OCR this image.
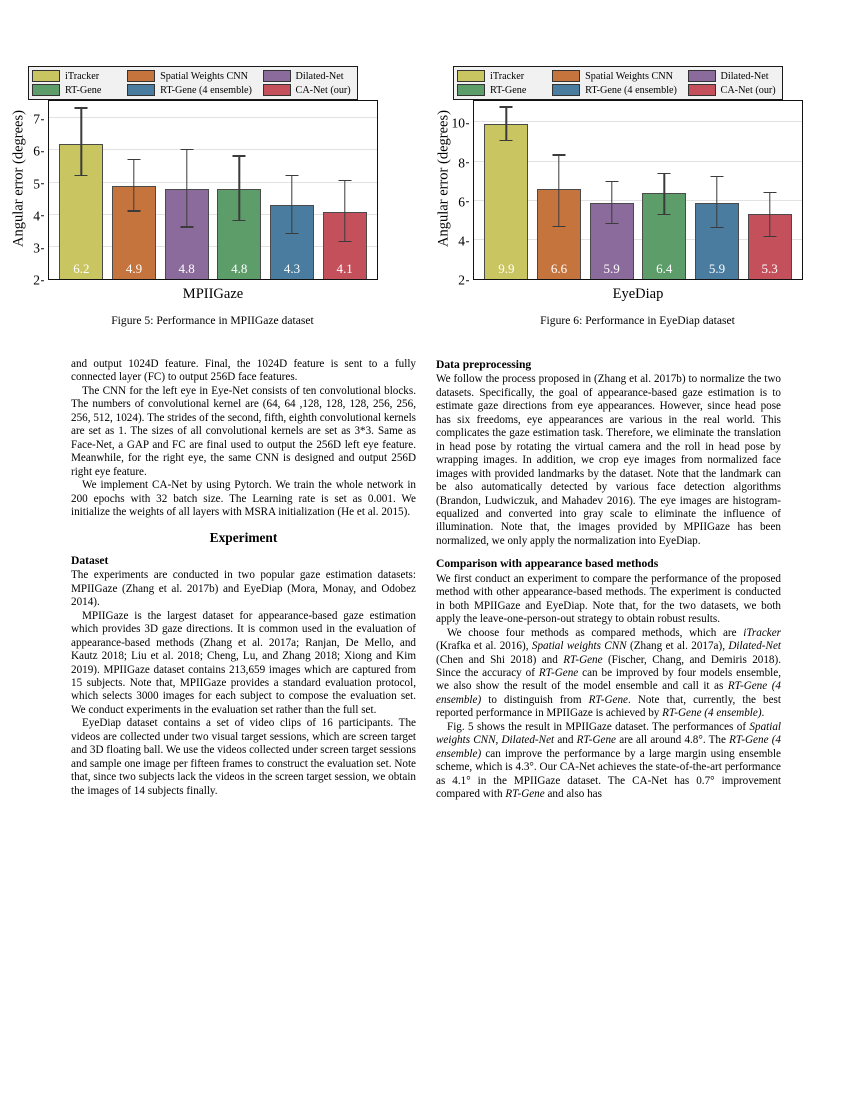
iTracker	Spatial Weights CNN	Dilated-Net
RT-Gene	RT-Gene (4 ensemble)	CA-Net (our)
Angular error (degrees)
2
3
4
5
6
7
6.2	4.9	4.8	4.8	4.3	4.1
MPIIGaze
Figure 5: Performance in MPIIGaze dataset
iTracker	Spatial Weights CNN	Dilated-Net
RT-Gene	RT-Gene (4 ensemble)	CA-Net (our)
Angular error (degrees)
2
4
6
8
10
9.9	6.6	5.9	6.4	5.9	5.3
EyeDiap
Figure 6: Performance in EyeDiap dataset

and output 1024D feature. Final, the 1024D feature is sent to a fully connected layer (FC) to output 256D face features.

The CNN for the left eye in Eye-Net consists of ten convolutional blocks. The numbers of convolutional kernel are (64, 64 ,128, 128, 128, 256, 256, 256, 512, 1024). The strides of the second, fifth, eighth convolutional kernels are set as 1. The sizes of all convolutional kernels are set as 3*3. Same as Face-Net, a GAP and FC are final used to output the 256D left eye feature. Meanwhile, for the right eye, the same CNN is designed and output 256D right eye feature.

We implement CA-Net by using Pytorch. We train the whole network in 200 epochs with 32 batch size. The Learning rate is set as 0.001. We initialize the weights of all layers with MSRA initialization (He et al. 2015).

Experiment
Dataset

The experiments are conducted in two popular gaze estimation datasets: MPIIGaze (Zhang et al. 2017b) and EyeDiap (Mora, Monay, and Odobez 2014).

MPIIGaze is the largest dataset for appearance-based gaze estimation which provides 3D gaze directions. It is common used in the evaluation of appearance-based methods (Zhang et al. 2017a; Ranjan, De Mello, and Kautz 2018; Liu et al. 2018; Cheng, Lu, and Zhang 2018; Xiong and Kim 2019). MPIIGaze dataset contains 213,659 images which are captured from 15 subjects. Note that, MPIIGaze provides a standard evaluation protocol, which selects 3000 images for each subject to compose the evaluation set. We conduct experiments in the evaluation set rather than the full set.

EyeDiap dataset contains a set of video clips of 16 participants. The videos are collected under two visual target sessions, which are screen target and 3D floating ball. We use the videos collected under screen target sessions and sample one image per fifteen frames to construct the evaluation set. Note that, since two subjects lack the videos in the screen target session, we obtain the images of 14 subjects finally.

Data preprocessing

We follow the process proposed in (Zhang et al. 2017b) to normalize the two datasets. Specifically, the goal of appearance-based gaze estimation is to estimate gaze directions from eye appearances. However, since head pose has six freedoms, eye appearances are various in the real world. This complicates the gaze estimation task. Therefore, we eliminate the translation in head pose by rotating the virtual camera and the roll in head pose by wrapping images. In addition, we crop eye images from normalized face images with provided landmarks by the dataset. Note that the landmark can be also automatically detected by various face detection algorithms (Brandon, Ludwiczuk, and Mahadev 2016). The eye images are histogram-equalized and converted into gray scale to eliminate the influence of illumination. Note that, the images provided by MPIIGaze has been normalized, we only apply the normalization into EyeDiap.

Comparison with appearance based methods

We first conduct an experiment to compare the performance of the proposed method with other appearance-based methods. The experiment is conducted in both MPIIGaze and EyeDiap. Note that, for the two datasets, we both apply the leave-one-person-out strategy to obtain robust results.

We choose four methods as compared methods, which are iTracker (Krafka et al. 2016), Spatial weights CNN (Zhang et al. 2017a), Dilated-Net (Chen and Shi 2018) and RT-Gene (Fischer, Chang, and Demiris 2018). Since the accuracy of RT-Gene can be improved by four models ensemble, we also show the result of the model ensemble and call it as RT-Gene (4 ensemble) to distinguish from RT-Gene. Note that, currently, the best reported performance in MPIIGaze is achieved by RT-Gene (4 ensemble).

Fig. 5 shows the result in MPIIGaze dataset. The performances of Spatial weights CNN, Dilated-Net and RT-Gene are all around 4.8°. The RT-Gene (4 ensemble) can improve the performance by a large margin using ensemble scheme, which is 4.3°. Our CA-Net achieves the state-of-the-art performance as 4.1° in the MPIIGaze dataset. The CA-Net has 0.7° improvement compared with RT-Gene and also has
